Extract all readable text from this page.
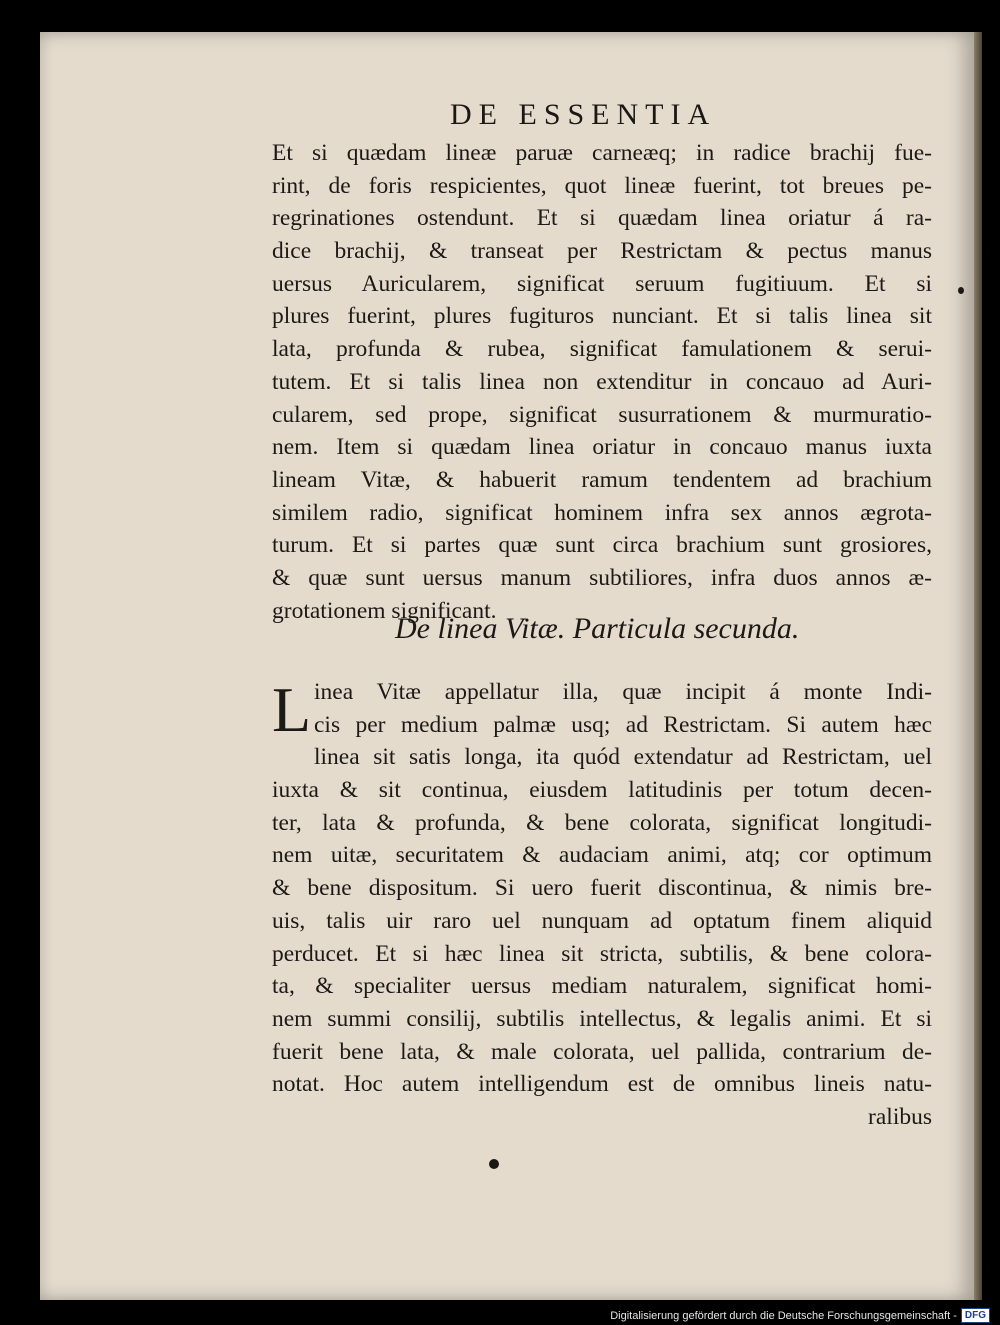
DE ESSENTIA
Et si quædam lineæ paruæ carneæq; in radice brachij fue-
rint, de foris respicientes, quot lineæ fuerint, tot breues pe-
regrinationes ostendunt. Et si quædam linea oriatur á ra-
dice brachij, & transeat per Restrictam & pectus manus
uersus Auricularem, significat seruum fugitiuum. Et si
plures fuerint, plures fugituros nunciant. Et si talis linea sit
lata, profunda & rubea, significat famulationem & serui-
tutem. Et si talis linea non extenditur in concauo ad Auri-
cularem, sed prope, significat susurrationem & murmuratio-
nem. Item si quædam linea oriatur in concauo manus iuxta
lineam Vitæ, & habuerit ramum tendentem ad brachium
similem radio, significat hominem infra sex annos ægrota-
turum. Et si partes quæ sunt circa brachium sunt grosiores,
& quæ sunt uersus manum subtiliores, infra duos annos æ-
grotationem significant.
De linea Vitæ. Particula secunda.
L inea Vitæ appellatur illa, quæ incipit á monte Indi-
cis per medium palmæ usq; ad Restrictam. Si autem hæc
linea sit satis longa, ita quód extendatur ad Restrictam, uel
iuxta & sit continua, eiusdem latitudinis per totum decen-
ter, lata & profunda, & bene colorata, significat longitudi-
nem uitæ, securitatem & audaciam animi, atq; cor optimum
& bene dispositum. Si uero fuerit discontinua, & nimis bre-
uis, talis uir raro uel nunquam ad optatum finem aliquid
perducet. Et si hæc linea sit stricta, subtilis, & bene colora-
ta, & specialiter uersus mediam naturalem, significat homi-
nem summi consilij, subtilis intellectus, & legalis animi. Et si
fuerit bene lata, & male colorata, uel pallida, contrarium de-
notat. Hoc autem intelligendum est de omnibus lineis natu-
ralibus
Digitalisierung gefördert durch die Deutsche Forschungsgemeinschaft - DFG
